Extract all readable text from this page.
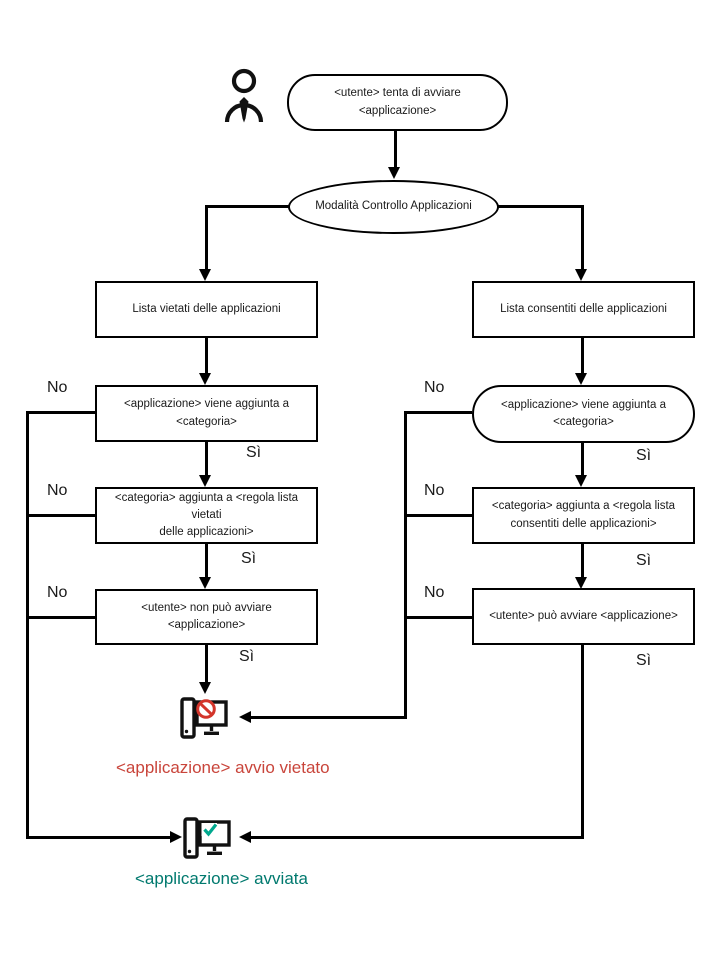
<utente> tenta di avviare
<applicazione>
Modalità Controllo Applicazioni
Lista vietati delle applicazioni	Lista consentiti delle applicazioni
<applicazione> viene aggiunta a
<categoria>
<applicazione> viene aggiunta a
<categoria>
No	No
Sì	Sì
<categoria> aggiunta a <regola lista vietati
delle applicazioni>
<categoria> aggiunta a <regola lista
consentiti delle applicazioni>
No	No
Sì	Sì
<utente> non può avviare <applicazione>
<utente> può avviare <applicazione>
No	No
Sì	Sì
<applicazione> avvio vietato
<applicazione> avviata
